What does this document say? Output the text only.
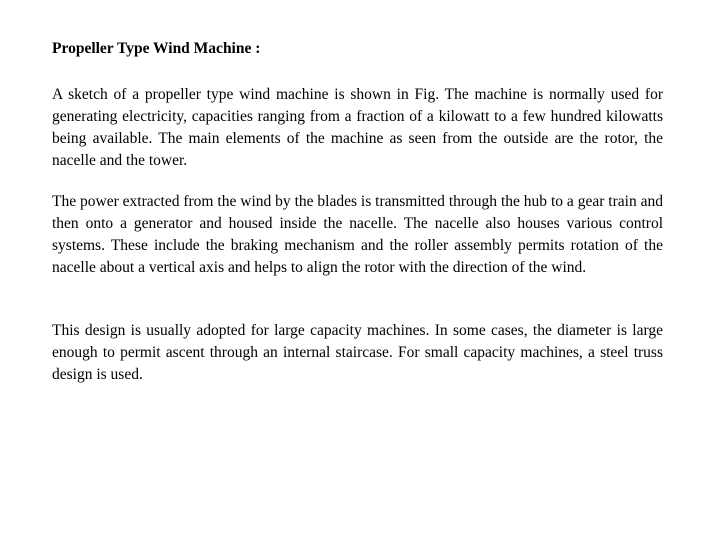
Propeller Type Wind Machine :

A sketch of a propeller type wind machine is shown in Fig. The machine is normally used for generating electricity, capacities ranging from a fraction of a kilowatt to a few hundred kilowatts being available. The main elements of the machine as seen from the outside are the rotor, the nacelle and the tower.

The power extracted from the wind by the blades is transmitted through the hub to a gear train and then onto a generator and housed inside the nacelle. The nacelle also houses various control systems. These include the braking mechanism and the roller assembly permits rotation of the nacelle about a vertical axis and helps to align the rotor with the direction of the wind.

This design is usually adopted for large capacity machines. In some cases, the diameter is large enough to permit ascent through an internal staircase. For small capacity machines, a steel truss design is used.
